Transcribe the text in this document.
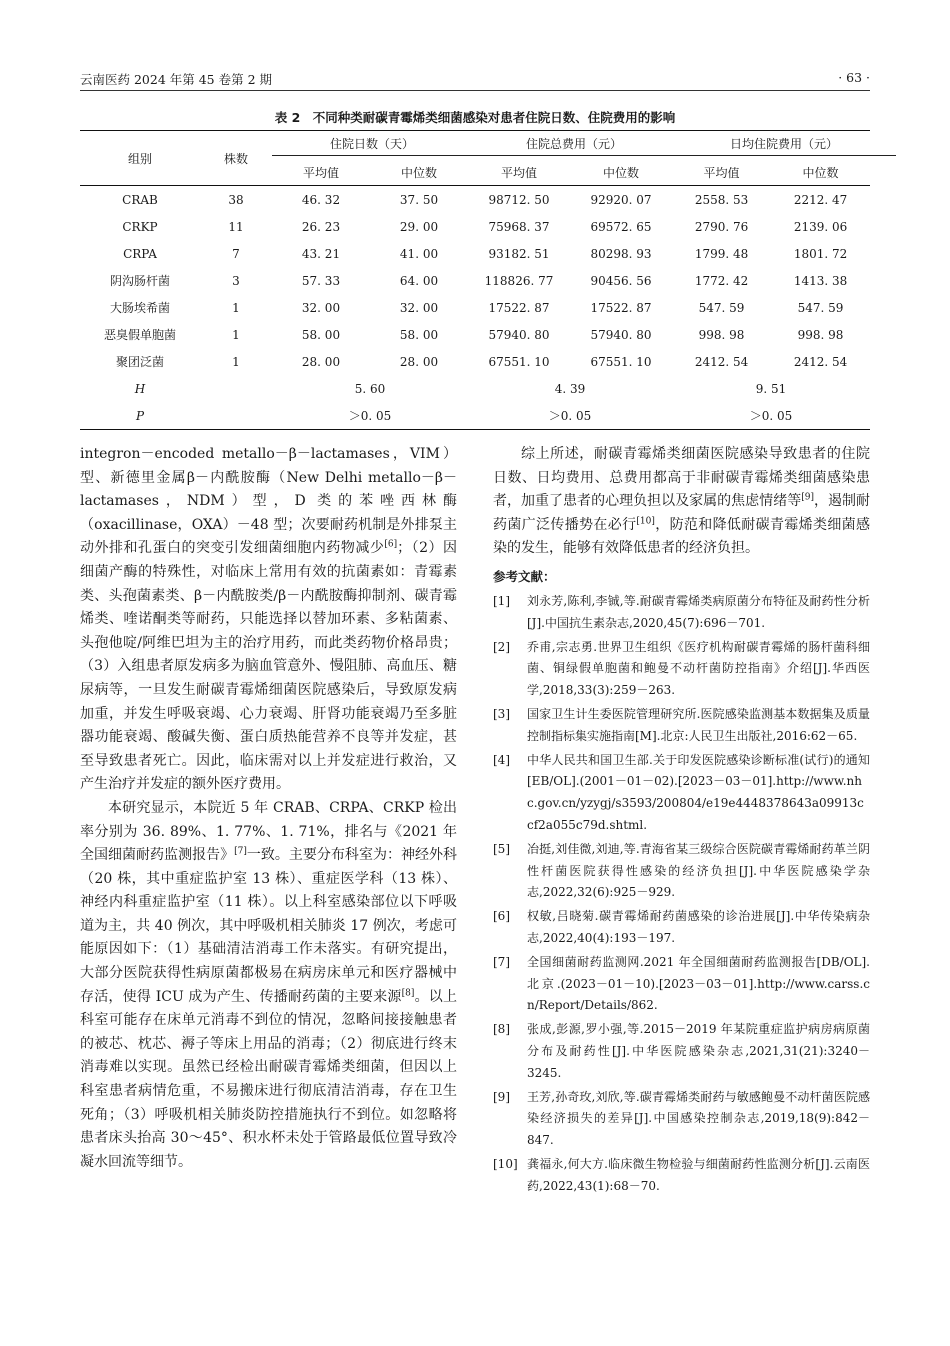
云南医药 2024 年第 45 卷第 2 期	· 63 ·
表 2　不同种类耐碳青霉烯类细菌感染对患者住院日数、住院费用的影响
组别	株数	住院日数（天）		住院总费用（元）		日均住院费用（元）	
		平均值	中位数	平均值	中位数	平均值	中位数
CRAB	38	46. 32	37. 50	98712. 50	92920. 07	2558. 53	2212. 47
CRKP	11	26. 23	29. 00	75968. 37	69572. 65	2790. 76	2139. 06
CRPA	7	43. 21	41. 00	93182. 51	80298. 93	1799. 48	1801. 72
阴沟肠杆菌	3	57. 33	64. 00	118826. 77	90456. 56	1772. 42	1413. 38
大肠埃希菌	1	32. 00	32. 00	17522. 87	17522. 87	547. 59	547. 59
恶臭假单胞菌	1	58. 00	58. 00	57940. 80	57940. 80	998. 98	998. 98
聚团泛菌	1	28. 00	28. 00	67551. 10	67551. 10	2412. 54	2412. 54
H		5. 60		4. 39		9. 51	
P		＞0. 05		＞0. 05		＞0. 05	

integron－encoded metallo－β－lactamases，VIM）型、新德里金属β－内酰胺酶（New Delhi metallo－β－lactamases，NDM）型，D 类的苯唑西林酶（oxacillinase，OXA）－48 型；次要耐药机制是外排泵主动外排和孔蛋白的突变引发细菌细胞内药物减少[6]；（2）因细菌产酶的特殊性，对临床上常用有效的抗菌素如：青霉素类、头孢菌素类、β－内酰胺类/β－内酰胺酶抑制剂、碳青霉烯类、喹诺酮类等耐药，只能选择以替加环素、多粘菌素、头孢他啶/阿维巴坦为主的治疗用药，而此类药物价格昂贵；（3）入组患者原发病多为脑血管意外、慢阻肺、高血压、糖尿病等，一旦发生耐碳青霉烯细菌医院感染后，导致原发病加重，并发生呼吸衰竭、心力衰竭、肝肾功能衰竭乃至多脏器功能衰竭、酸碱失衡、蛋白质热能营养不良等并发症，甚至导致患者死亡。因此，临床需对以上并发症进行救治，又产生治疗并发症的额外医疗费用。

本研究显示，本院近 5 年 CRAB、CRPA、CRKP 检出率分别为 36. 89%、1. 77%、1. 71%，排名与《2021 年全国细菌耐药监测报告》[7]一致。主要分布科室为：神经外科（20 株，其中重症监护室 13 株）、重症医学科（13 株）、神经内科重症监护室（11 株）。以上科室感染部位以下呼吸道为主，共 40 例次，其中呼吸机相关肺炎 17 例次，考虑可能原因如下：（1）基础清洁消毒工作未落实。有研究提出，大部分医院获得性病原菌都极易在病房床单元和医疗器械中存活，使得 ICU 成为产生、传播耐药菌的主要来源[8]。以上科室可能存在床单元消毒不到位的情况，忽略间接接触患者的被芯、枕芯、褥子等床上用品的消毒；（2）彻底进行终末消毒难以实现。虽然已经检出耐碳青霉烯类细菌，但因以上科室患者病情危重，不易搬床进行彻底清洁消毒，存在卫生死角；（3）呼吸机相关肺炎防控措施执行不到位。如忽略将患者床头抬高 30～45°、积水杯未处于管路最低位置导致冷凝水回流等细节。

综上所述，耐碳青霉烯类细菌医院感染导致患者的住院日数、日均费用、总费用都高于非耐碳青霉烯类细菌感染患者，加重了患者的心理负担以及家属的焦虑情绪等[9]，遏制耐药菌广泛传播势在必行[10]，防范和降低耐碳青霉烯类细菌感染的发生，能够有效降低患者的经济负担。

参考文献：
[1] 刘永芳,陈利,李铖,等.耐碳青霉烯类病原菌分布特征及耐药性分析[J].中国抗生素杂志,2020,45(7):696－701.
[2] 乔甫,宗志勇.世界卫生组织《医疗机构耐碳青霉烯的肠杆菌科细菌、铜绿假单胞菌和鲍曼不动杆菌防控指南》介绍[J].华西医学,2018,33(3):259－263.
[3] 国家卫生计生委医院管理研究所.医院感染监测基本数据集及质量控制指标集实施指南[M].北京:人民卫生出版社,2016:62－65.
[4] 中华人民共和国卫生部.关于印发医院感染诊断标准(试行)的通知[EB/OL].(2001－01－02).[2023－03－01].http://www.nhc.gov.cn/yzygj/s3593/200804/e19e4448378643a09913ccf2a055c79d.shtml.
[5] 冶挺,刘佳微,刘迪,等.青海省某三级综合医院碳青霉烯耐药革兰阴性杆菌医院获得性感染的经济负担[J].中华医院感染学杂志,2022,32(6):925－929.
[6] 权敏,吕晓菊.碳青霉烯耐药菌感染的诊治进展[J].中华传染病杂志,2022,40(4):193－197.
[7] 全国细菌耐药监测网.2021 年全国细菌耐药监测报告[DB/OL].北京.(2023－01－10).[2023－03－01].http://www.carss.cn/Report/Details/862.
[8] 张成,彭源,罗小强,等.2015－2019 年某院重症监护病房病原菌分布及耐药性[J].中华医院感染杂志,2021,31(21):3240－3245.
[9] 王芳,孙奇玫,刘欣,等.碳青霉烯类耐药与敏感鲍曼不动杆菌医院感染经济损失的差异[J].中国感染控制杂志,2019,18(9):842－847.
[10] 龚福永,何大方.临床微生物检验与细菌耐药性监测分析[J].云南医药,2022,43(1):68－70.
